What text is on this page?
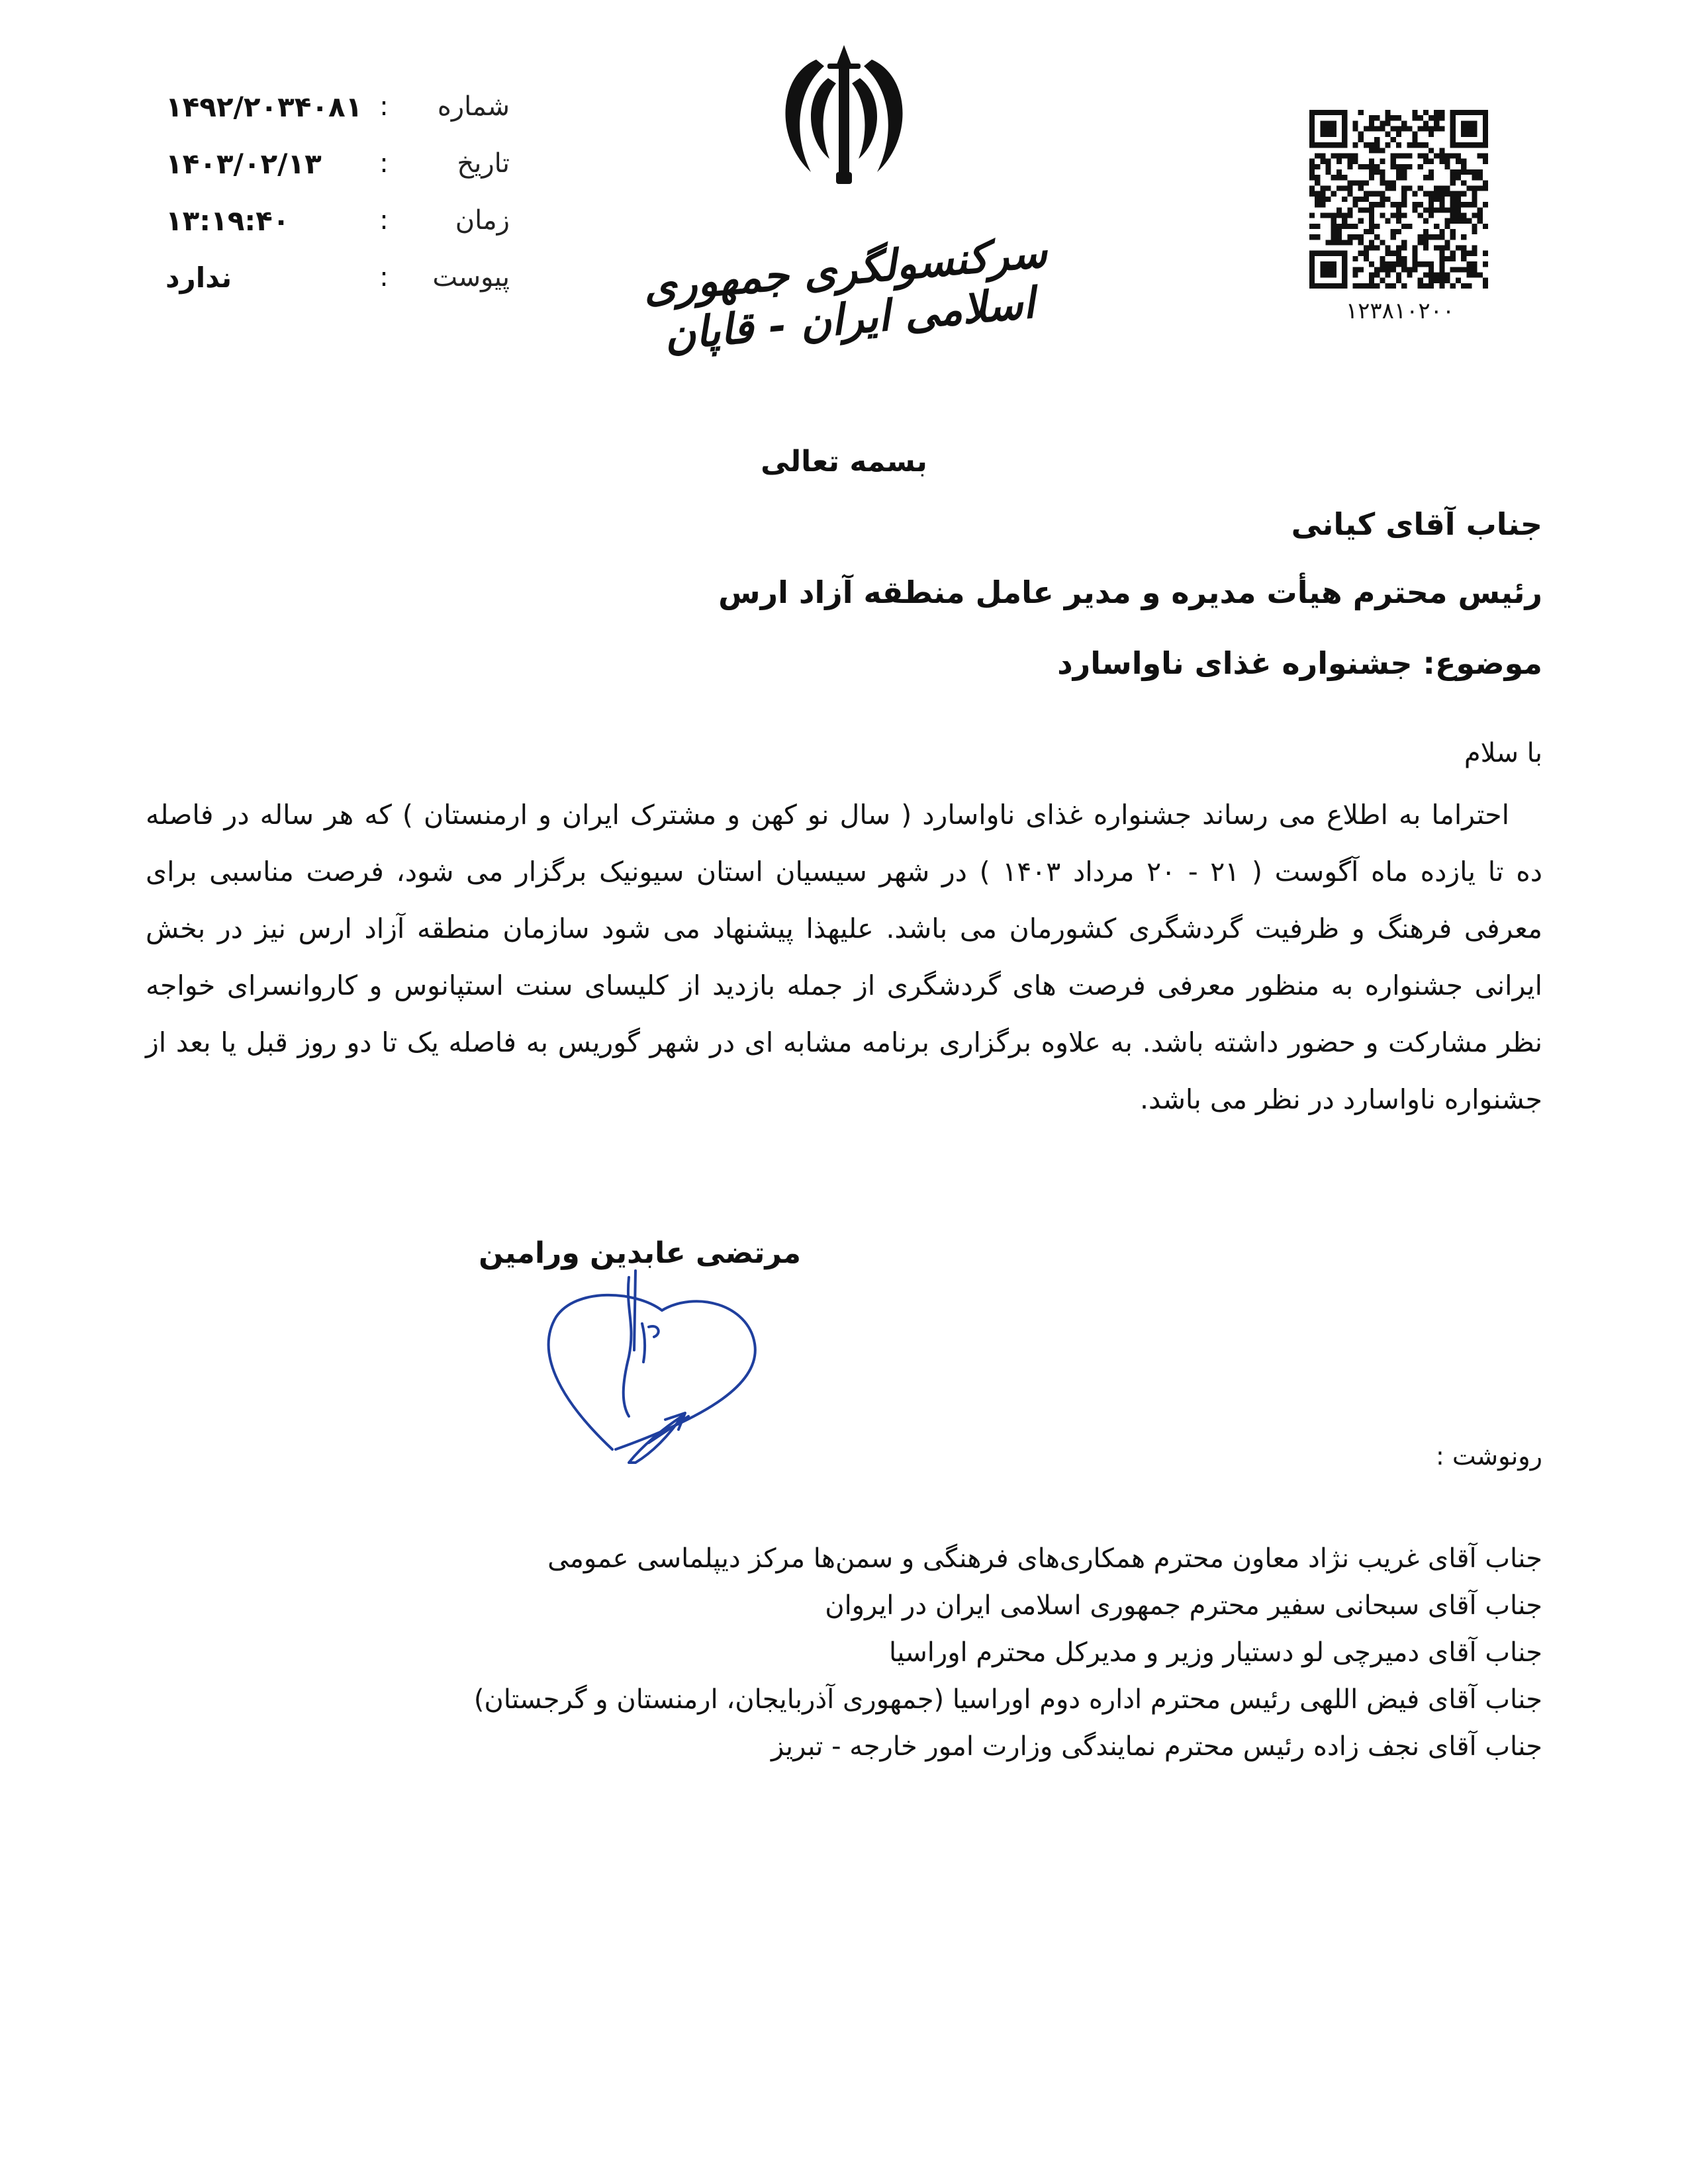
شماره
:
۱۴۹۲/۲۰۳۴۰۸۱
تاریخ
:
۱۴۰۳/۰۲/۱۳
زمان
:
۱۳:۱۹:۴۰
پیوست
:
ندارد	سرکنسولگری جمهوری اسلامی ایران - قاپان	۱۲۳۸۱۰۲۰۰
بسمه تعالی
جناب آقای کیانی
رئیس محترم هیأت مدیره و مدیر عامل منطقه آزاد ارس
موضوع: جشنواره غذای ناواسارد
با سلام
احتراما به اطلاع می رساند جشنواره غذای ناواسارد ( سال نو کهن و مشترک ایران و ارمنستان ) که هر ساله در فاصله
ده تا یازده ماه آگوست ( ۲۱ - ۲۰ مرداد ۱۴۰۳ ) در شهر سیسیان استان سیونیک برگزار می شود، فرصت مناسبی برای
معرفی فرهنگ و ظرفیت گردشگری کشورمان می باشد. علیهذا پیشنهاد می شود سازمان منطقه آزاد ارس نیز در بخش
ایرانی جشنواره به منظور معرفی فرصت های گردشگری از جمله بازدید از کلیسای سنت استپانوس و کاروانسرای خواجه
نظر مشارکت و حضور داشته باشد. به علاوه برگزاری برنامه مشابه ای در شهر گوریس به فاصله یک تا دو روز قبل یا بعد از
جشنواره ناواسارد در نظر می باشد.
مرتضی عابدین ورامین
رونوشت :
جناب آقای غریب نژاد معاون محترم همکاری‌های فرهنگی و سمن‌ها مرکز دیپلماسی عمومی
جناب آقای سبحانی سفیر محترم جمهوری اسلامی ایران در ایروان
جناب آقای دمیرچی لو دستیار وزیر و مدیرکل محترم اوراسیا
جناب آقای فیض اللهی رئیس محترم اداره دوم اوراسیا (جمهوری آذربایجان، ارمنستان و گرجستان)
جناب آقای نجف زاده رئیس محترم نمایندگی وزارت امور خارجه - تبریز
